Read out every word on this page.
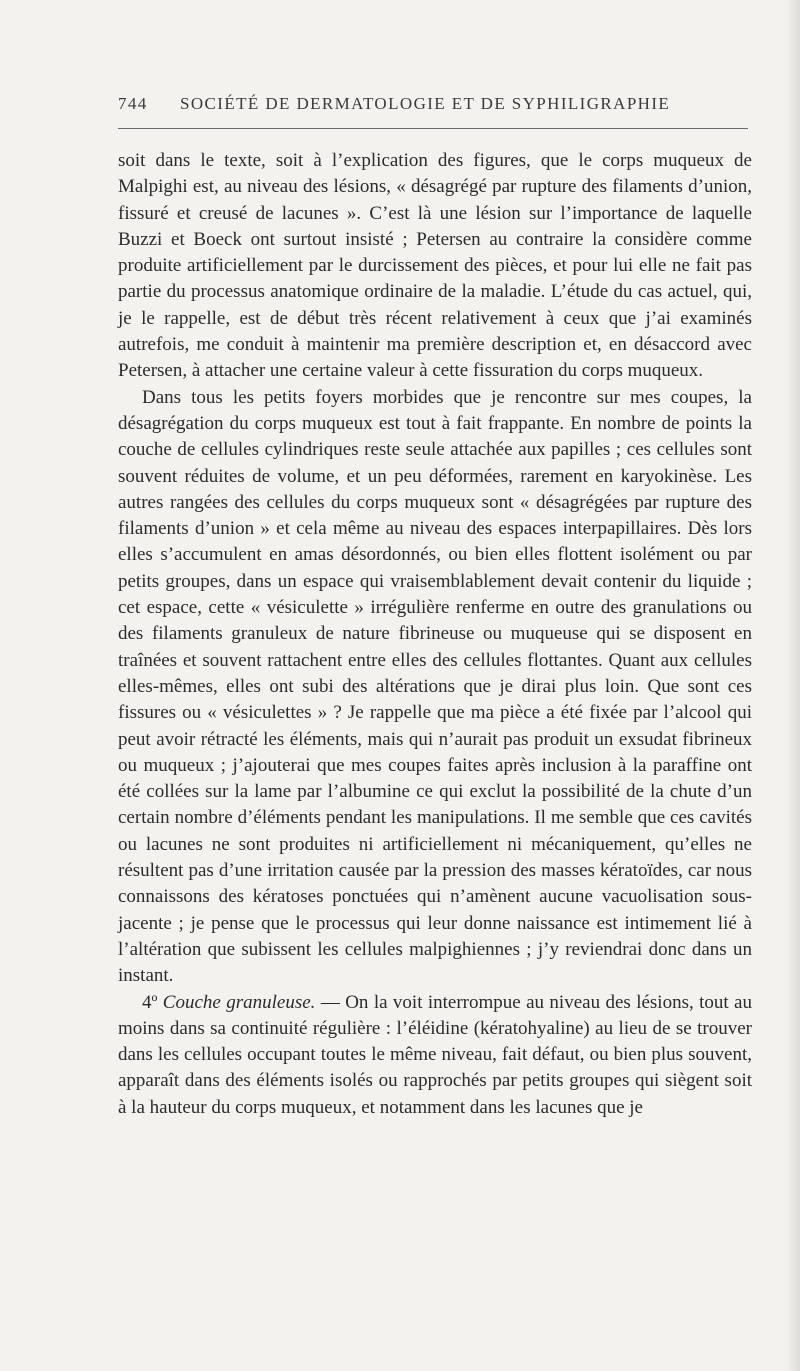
744 SOCIÉTÉ DE DERMATOLOGIE ET DE SYPHILIGRAPHIE

soit dans le texte, soit à l’explication des figures, que le corps muqueux de Malpighi est, au niveau des lésions, « désagrégé par rupture des filaments d’union, fissuré et creusé de lacunes ». C’est là une lésion sur l’importance de laquelle Buzzi et Boeck ont surtout insisté ; Petersen au contraire la considère comme produite artificiellement par le durcissement des pièces, et pour lui elle ne fait pas partie du processus anatomique ordinaire de la maladie. L’étude du cas actuel, qui, je le rappelle, est de début très récent relativement à ceux que j’ai examinés autrefois, me conduit à maintenir ma première description et, en désaccord avec Petersen, à attacher une certaine valeur à cette fissuration du corps muqueux.

Dans tous les petits foyers morbides que je rencontre sur mes coupes, la désagrégation du corps muqueux est tout à fait frappante. En nombre de points la couche de cellules cylindriques reste seule attachée aux papilles ; ces cellules sont souvent réduites de volume, et un peu déformées, rarement en karyokinèse. Les autres rangées des cellules du corps muqueux sont « désagrégées par rupture des filaments d’union » et cela même au niveau des espaces interpapillaires. Dès lors elles s’accumulent en amas désordonnés, ou bien elles flottent isolément ou par petits groupes, dans un espace qui vraisemblablement devait contenir du liquide ; cet espace, cette « vésiculette » irrégulière renferme en outre des granulations ou des filaments granuleux de nature fibrineuse ou muqueuse qui se disposent en traînées et souvent rattachent entre elles des cellules flottantes. Quant aux cellules elles-mêmes, elles ont subi des altérations que je dirai plus loin. Que sont ces fissures ou « vésiculettes » ? Je rappelle que ma pièce a été fixée par l’alcool qui peut avoir rétracté les éléments, mais qui n’aurait pas produit un exsudat fibrineux ou muqueux ; j’ajouterai que mes coupes faites après inclusion à la paraffine ont été collées sur la lame par l’albumine ce qui exclut la possibilité de la chute d’un certain nombre d’éléments pendant les manipulations. Il me semble que ces cavités ou lacunes ne sont produites ni artificiellement ni mécaniquement, qu’elles ne résultent pas d’une irritation causée par la pression des masses kératoïdes, car nous connaissons des kératoses ponctuées qui n’amènent aucune vacuolisation sous-jacente ; je pense que le processus qui leur donne naissance est intimement lié à l’altération que subissent les cellules malpighiennes ; j’y reviendrai donc dans un instant.

4º Couche granuleuse. — On la voit interrompue au niveau des lésions, tout au moins dans sa continuité régulière : l’éléidine (kératohyaline) au lieu de se trouver dans les cellules occupant toutes le même niveau, fait défaut, ou bien plus souvent, apparaît dans des éléments isolés ou rapprochés par petits groupes qui siègent soit à la hauteur du corps muqueux, et notamment dans les lacunes que je
